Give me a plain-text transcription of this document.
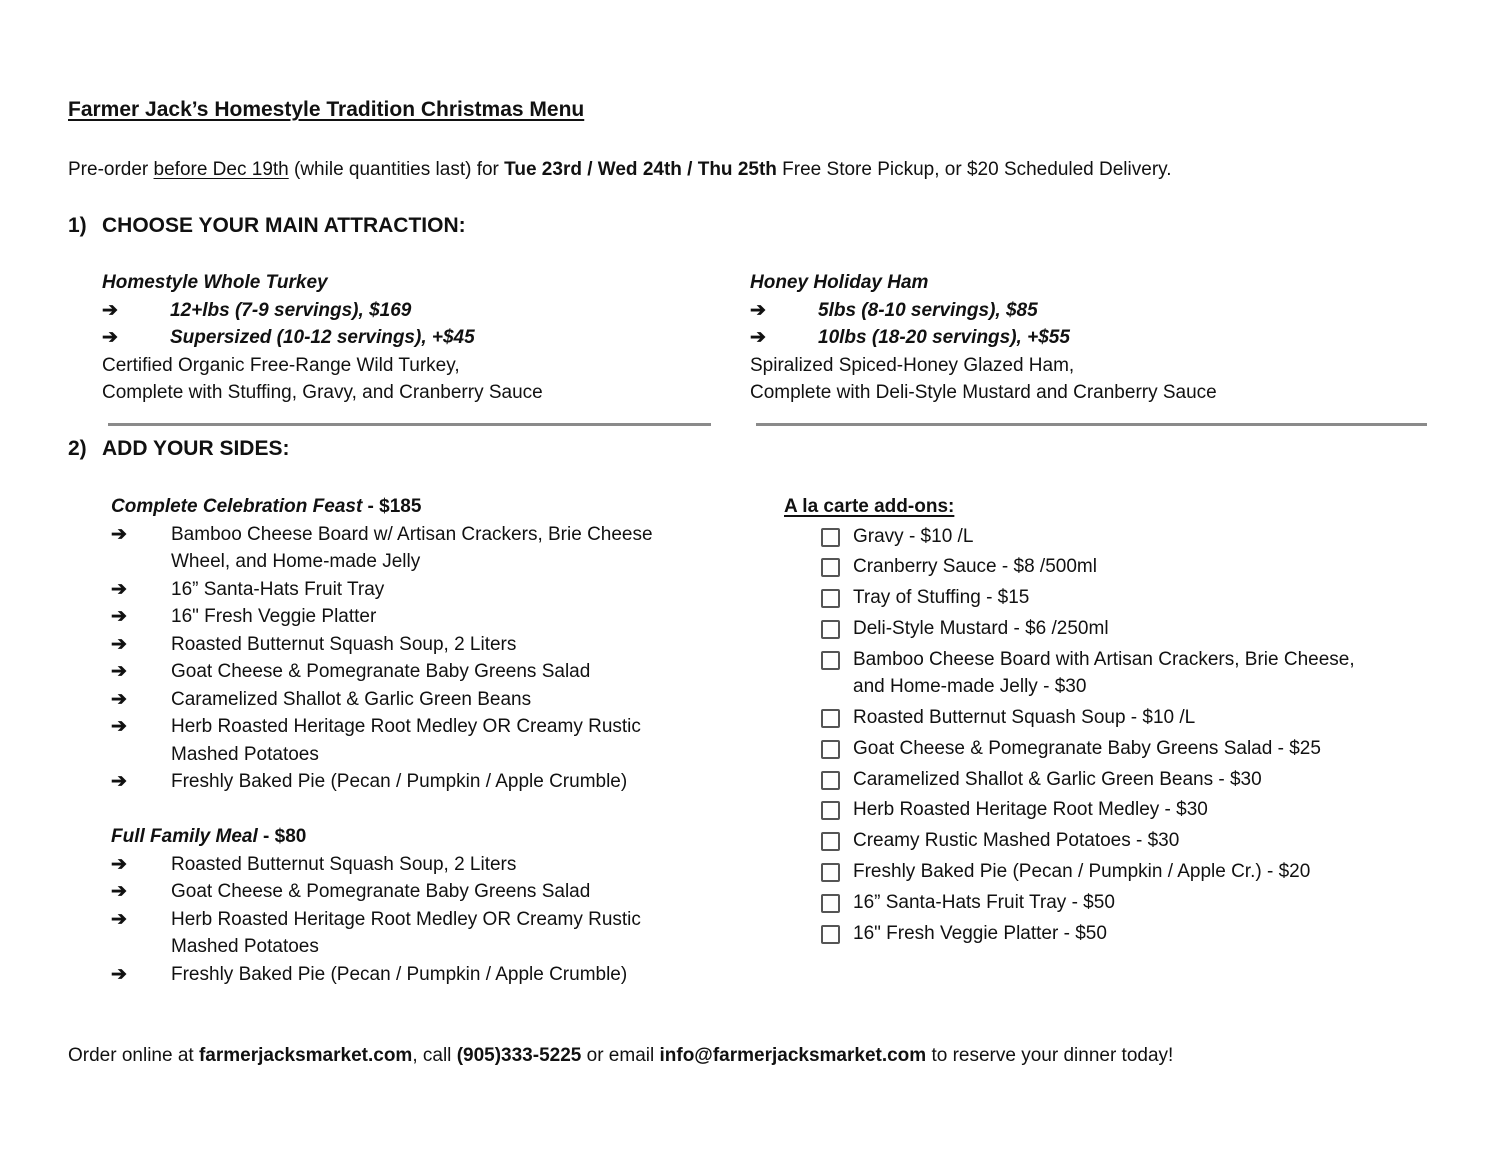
Farmer Jack’s Homestyle Tradition Christmas Menu
Pre-order before Dec 19th (while quantities last) for Tue 23rd / Wed 24th / Thu 25th Free Store Pickup, or $20 Scheduled Delivery.
1) CHOOSE YOUR MAIN ATTRACTION:
Homestyle Whole Turkey
➔	12+lbs (7-9 servings), $169
➔	Supersized (10-12 servings), +$45
Certified Organic Free-Range Wild Turkey,
Complete with Stuffing, Gravy, and Cranberry Sauce
Honey Holiday Ham
➔	5lbs (8-10 servings), $85
➔	10lbs (18-20 servings), +$55
Spiralized Spiced-Honey Glazed Ham,
Complete with Deli-Style Mustard and Cranberry Sauce
2) ADD YOUR SIDES:
Complete Celebration Feast - $185
➔	Bamboo Cheese Board w/ Artisan Crackers, Brie Cheese Wheel, and Home-made Jelly
➔	16” Santa-Hats Fruit Tray
➔	16" Fresh Veggie Platter
➔	Roasted Butternut Squash Soup, 2 Liters
➔	Goat Cheese & Pomegranate Baby Greens Salad
➔	Caramelized Shallot & Garlic Green Beans
➔	Herb Roasted Heritage Root Medley OR Creamy Rustic Mashed Potatoes
➔	Freshly Baked Pie (Pecan / Pumpkin / Apple Crumble)
Full Family Meal - $80
➔	Roasted Butternut Squash Soup, 2 Liters
➔	Goat Cheese & Pomegranate Baby Greens Salad
➔	Herb Roasted Heritage Root Medley OR Creamy Rustic Mashed Potatoes
➔	Freshly Baked Pie (Pecan / Pumpkin / Apple Crumble)
A la carte add-ons:
Gravy - $10 /L
Cranberry Sauce - $8 /500ml
Tray of Stuffing - $15
Deli-Style Mustard - $6 /250ml
Bamboo Cheese Board with Artisan Crackers, Brie Cheese, and Home-made Jelly - $30
Roasted Butternut Squash Soup - $10 /L
Goat Cheese & Pomegranate Baby Greens Salad - $25
Caramelized Shallot & Garlic Green Beans - $30
Herb Roasted Heritage Root Medley - $30
Creamy Rustic Mashed Potatoes - $30
Freshly Baked Pie (Pecan / Pumpkin / Apple Cr.) - $20
16” Santa-Hats Fruit Tray - $50
16" Fresh Veggie Platter - $50
Order online at farmerjacksmarket.com, call (905)333-5225 or email info@farmerjacksmarket.com to reserve your dinner today!
